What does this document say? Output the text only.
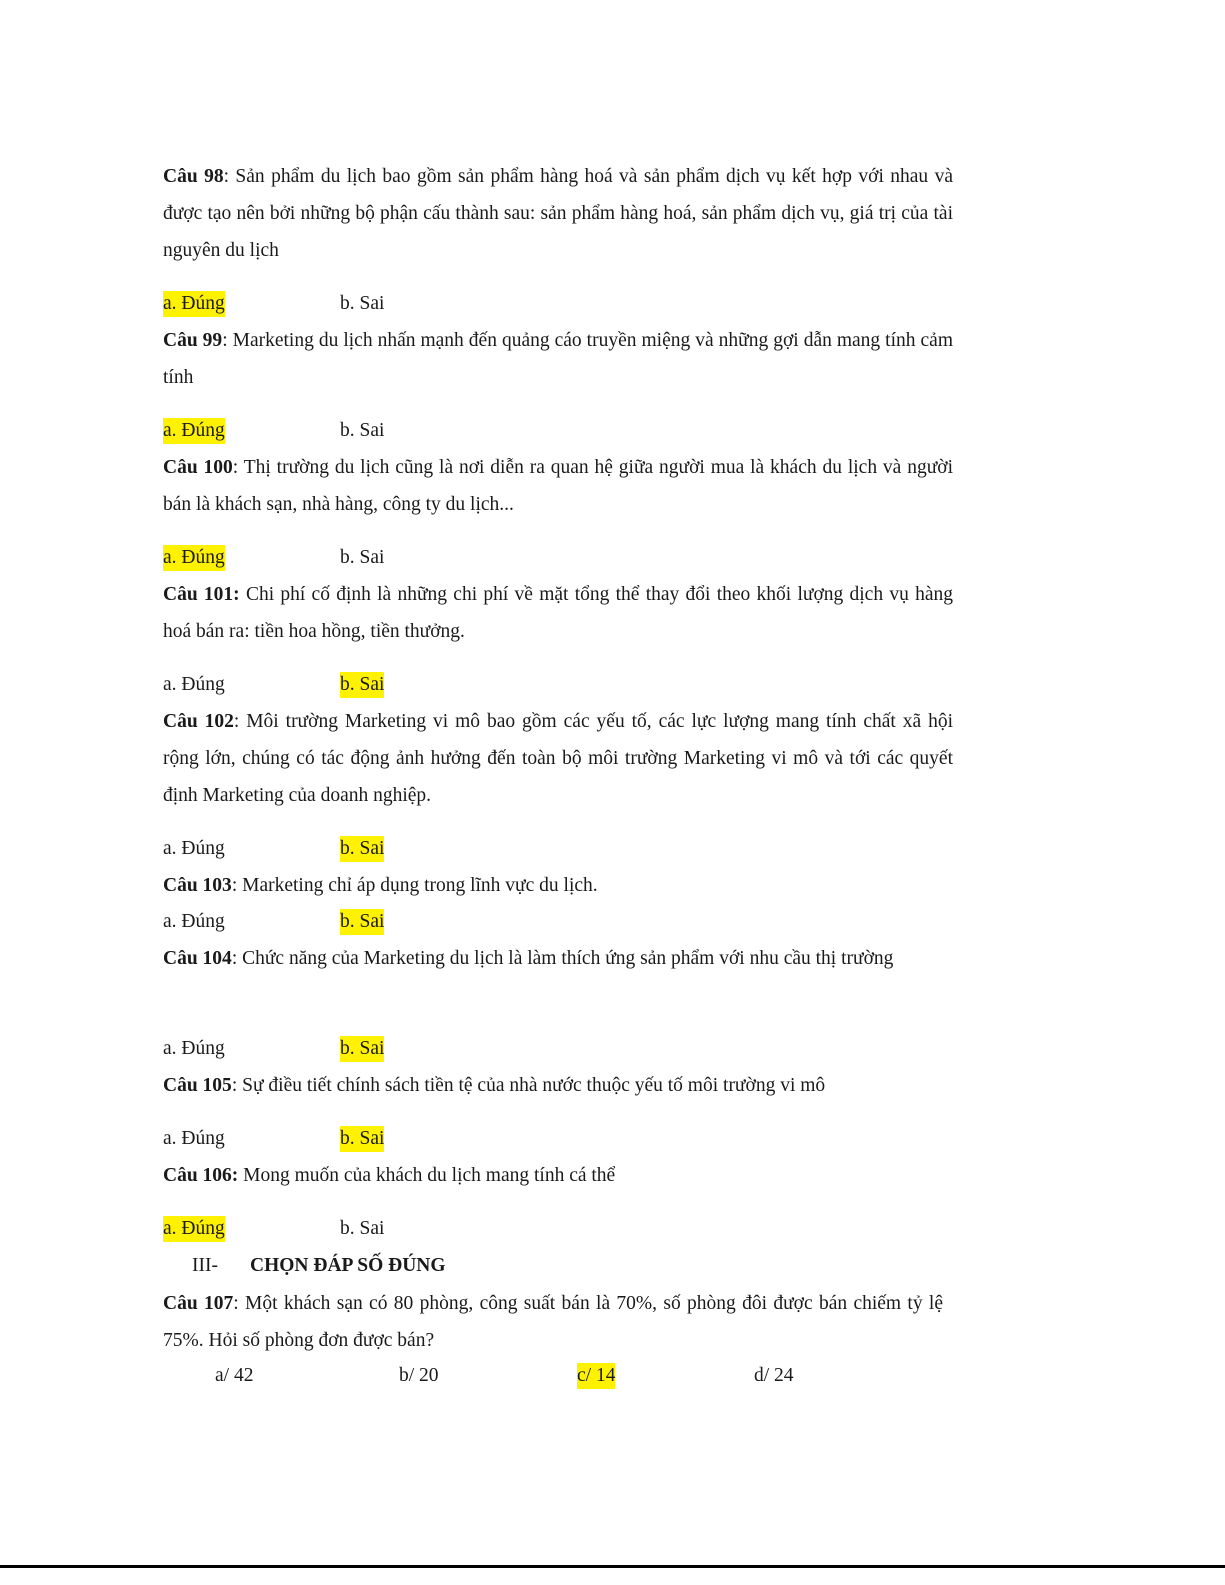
Câu 98: Sản phẩm du lịch bao gồm sản phẩm hàng hoá và sản phẩm dịch vụ kết hợp với nhau và được tạo nên bởi những bộ phận cấu thành sau: sản phẩm hàng hoá, sản phẩm dịch vụ, giá trị của tài nguyên du lịch
a. Đúng	b. Sai
Câu 99: Marketing du lịch nhấn mạnh đến quảng cáo truyền miệng và những gợi dẫn mang tính cảm tính
a. Đúng	b. Sai
Câu 100: Thị trường du lịch cũng là nơi diễn ra quan hệ giữa người mua là khách du lịch và người bán là khách sạn, nhà hàng, công ty du lịch...
a. Đúng	b. Sai
Câu 101: Chi phí cố định là những chi phí về mặt tổng thể thay đổi theo khối lượng dịch vụ hàng hoá bán ra: tiền hoa hồng, tiền thưởng.
a. Đúng	b. Sai
Câu 102: Môi trường Marketing vi mô bao gồm các yếu tố, các lực lượng mang tính chất xã hội rộng lớn, chúng có tác động ảnh hưởng đến toàn bộ môi trường Marketing vi mô và tới các quyết định Marketing của doanh nghiệp.
a. Đúng	b. Sai
Câu 103: Marketing chỉ áp dụng trong lĩnh vực du lịch.
a. Đúng	b. Sai
Câu 104: Chức năng của Marketing du lịch là làm thích ứng sản phẩm với nhu cầu thị trường
a. Đúng	b. Sai
Câu 105: Sự điều tiết chính sách tiền tệ của nhà nước thuộc yếu tố môi trường vi mô
a. Đúng	b. Sai
Câu 106: Mong muốn của khách du lịch mang tính cá thể
a. Đúng	b. Sai
III- CHỌN ĐÁP SỐ ĐÚNG
Câu 107: Một khách sạn có 80 phòng, công suất bán là 70%, số phòng đôi được bán chiếm tỷ lệ 75%. Hỏi số phòng đơn được bán?
a/ 42	b/ 20	c/ 14	d/ 24
